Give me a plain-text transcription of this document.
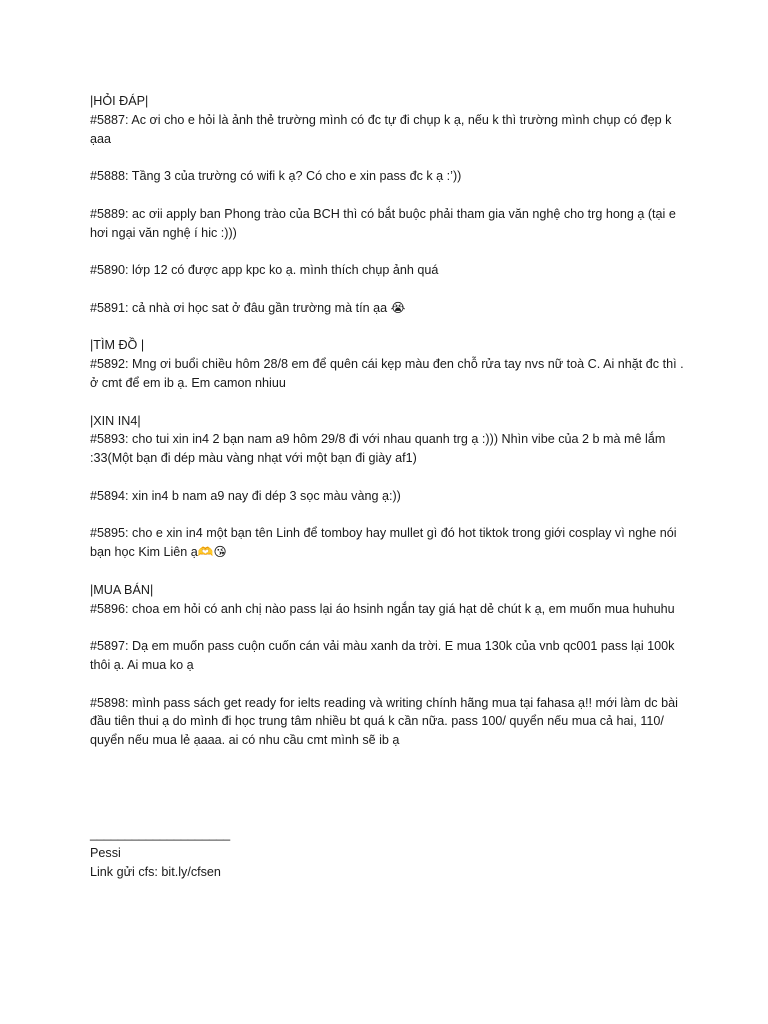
|HỎI ĐÁP|
#5887: Ac ơi cho e hỏi là ảnh thẻ trường mình có đc tự đi chụp k ạ, nếu k thì trường mình chụp có đẹp k ạaa
#5888: Tầng 3 của trường có wifi k ạ? Có cho e xin pass đc k ạ :’))
#5889: ac ơii apply ban Phong trào của BCH thì có bắt buộc phải tham gia văn nghệ cho trg hong ạ (tại e hơi ngại văn nghệ í hic :)))
#5890: lớp 12 có được app kpc ko ạ. mình thích chụp ảnh quá
#5891: cả nhà ơi học sat ở đâu gần trường mà tín ạa 😭
|TÌM ĐỒ |
#5892: Mng ơi buổi chiều hôm 28/8 em để quên cái kẹp màu đen chỗ rửa tay nvs nữ toà C. Ai nhặt đc thì . ở cmt để em ib ạ. Em camon nhiuu
|XIN IN4|
#5893: cho tui xin in4 2 bạn nam a9 hôm 29/8 đi với nhau quanh trg ạ :))) Nhìn vibe của 2 b mà mê lắm :33(Một bạn đi dép màu vàng nhạt với một bạn đi giày af1)
#5894: xin in4 b nam a9 nay đi dép 3 sọc màu vàng ạ:))
#5895: cho e xin in4 một bạn tên Linh để tomboy hay mullet gì đó hot tiktok trong giới cosplay vì nghe nói bạn học Kim Liên ạ🫶😘
|MUA BÁN|
#5896: choa em hỏi có anh chị nào pass lại áo hsinh ngắn tay giá hạt dẻ chút k ạ, em muốn mua huhuhu
#5897: Dạ em muốn pass cuộn cuốn cán vải màu xanh da trời. E mua 130k của vnb qc001 pass lại 100k thôi ạ. Ai mua ko ạ
#5898: mình pass sách get ready for ielts reading và writing chính hãng mua tại fahasa ạ!! mới làm dc bài đầu tiên thui ạ do mình đi học trung tâm nhiều bt quá k cần nữa. pass 100/ quyển nếu mua cả hai, 110/ quyển nếu mua lẻ ạaaa. ai có nhu cầu cmt mình sẽ ib ạ
____________________
Pessi
Link gửi cfs: bit.ly/cfsen
